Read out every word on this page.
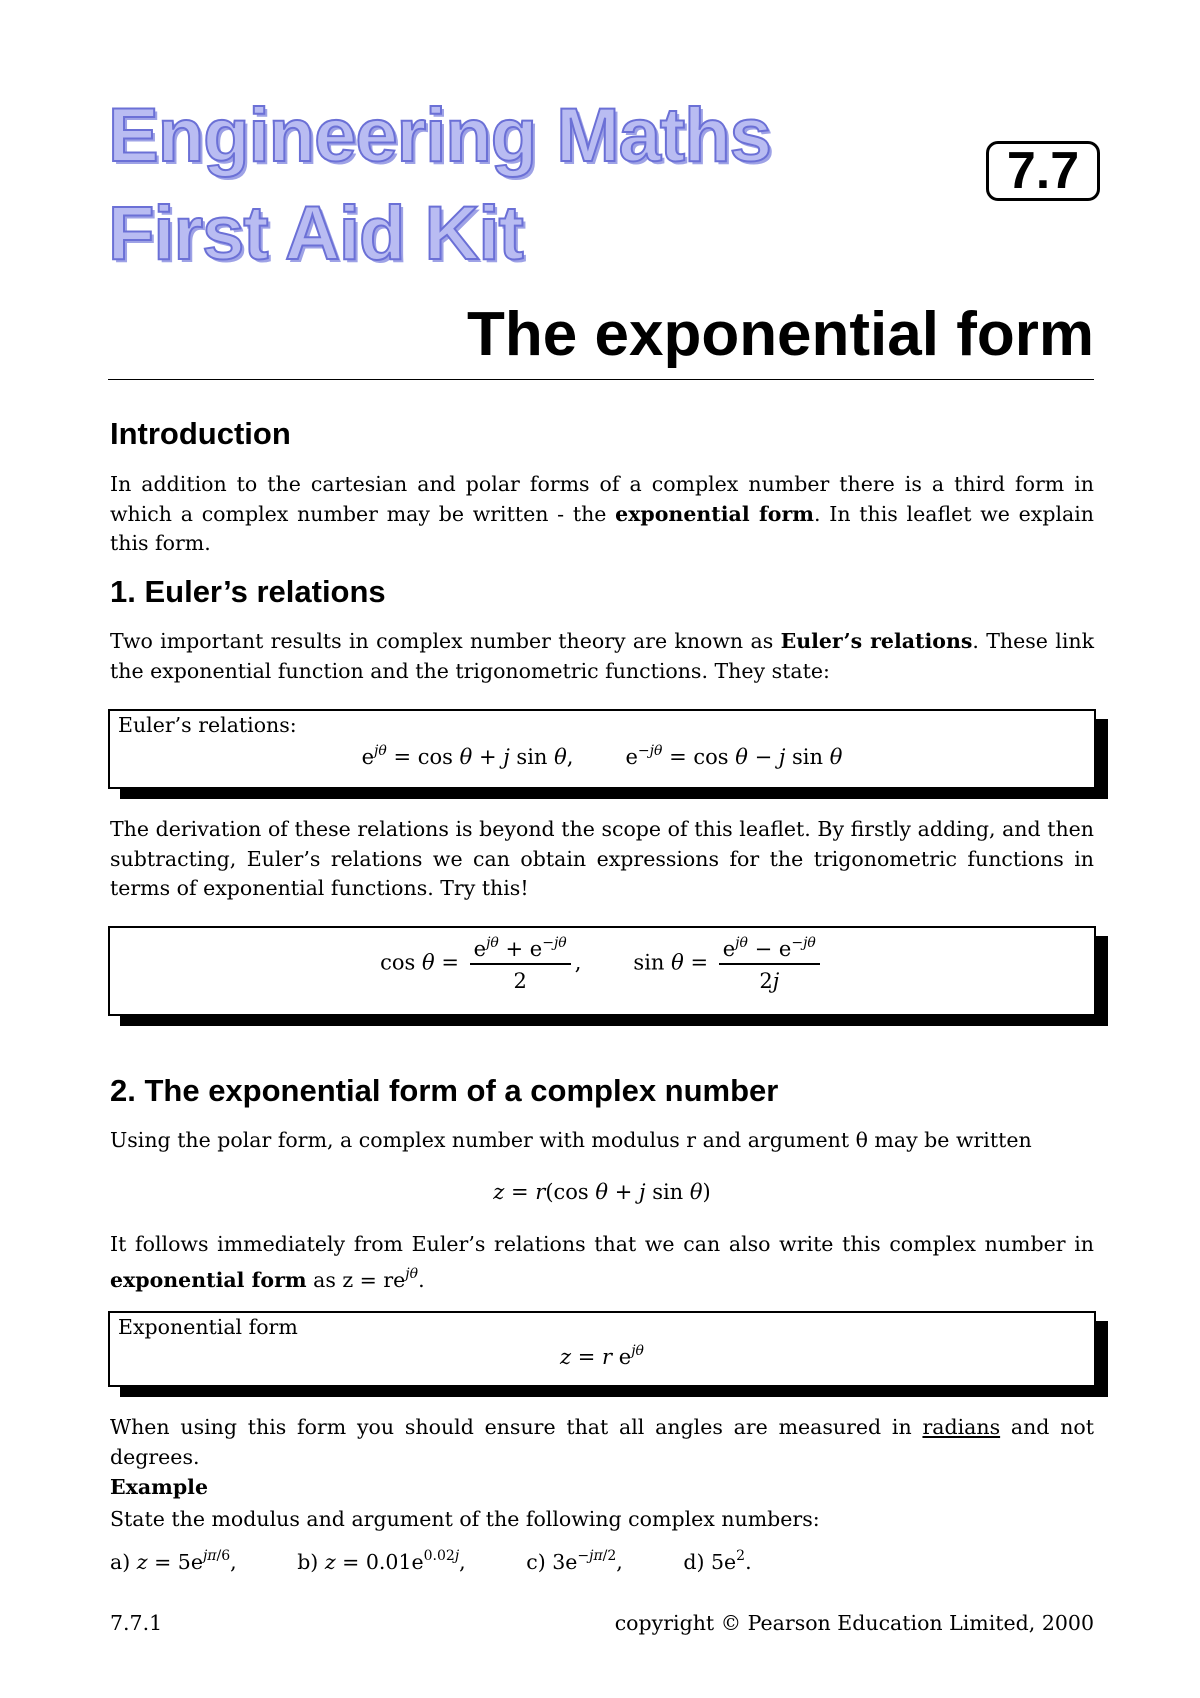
Engineering Maths
First Aid Kit
7.7
The exponential form
Introduction
In addition to the cartesian and polar forms of a complex number there is a third form in which a complex number may be written - the exponential form. In this leaflet we explain this form.
1. Euler’s relations
Two important results in complex number theory are known as Euler’s relations. These link the exponential function and the trigonometric functions. They state:
Euler’s relations:
$e^{j\theta} = \cos \theta + j$ sin θ, $e^{-j\theta} = \cos \theta - j$ sin θ
The derivation of these relations is beyond the scope of this leaflet. By firstly adding, and then subtracting, Euler’s relations we can obtain expressions for the trigonometric functions in terms of exponential functions. Try this!
$\cos \theta = \frac{e^{j\theta} + e^{-j\theta}}{2}$ , $\sin \theta = \frac{e^{j\theta} - e^{-j\theta}}{2j}$
2. The exponential form of a complex number
Using the polar form, a complex number with modulus r and argument θ may be written
z = r(cos θ + j sin θ)
It follows immediately from Euler’s relations that we can also write this complex number in exponential form as $z = re^{j\theta}$.
Exponential form
z = r $e^{j\theta}$
When using this form you should ensure that all angles are measured in radians and not degrees.
Example
State the modulus and argument of the following complex numbers:
a) $z = 5e^{j\pi/6}$,	b) $z = 0.01e^{0.02j}$,	c) $3e^{-j\pi/2}$,	d) $5e^2$.
7.7.1	copyright © Pearson Education Limited, 2000
